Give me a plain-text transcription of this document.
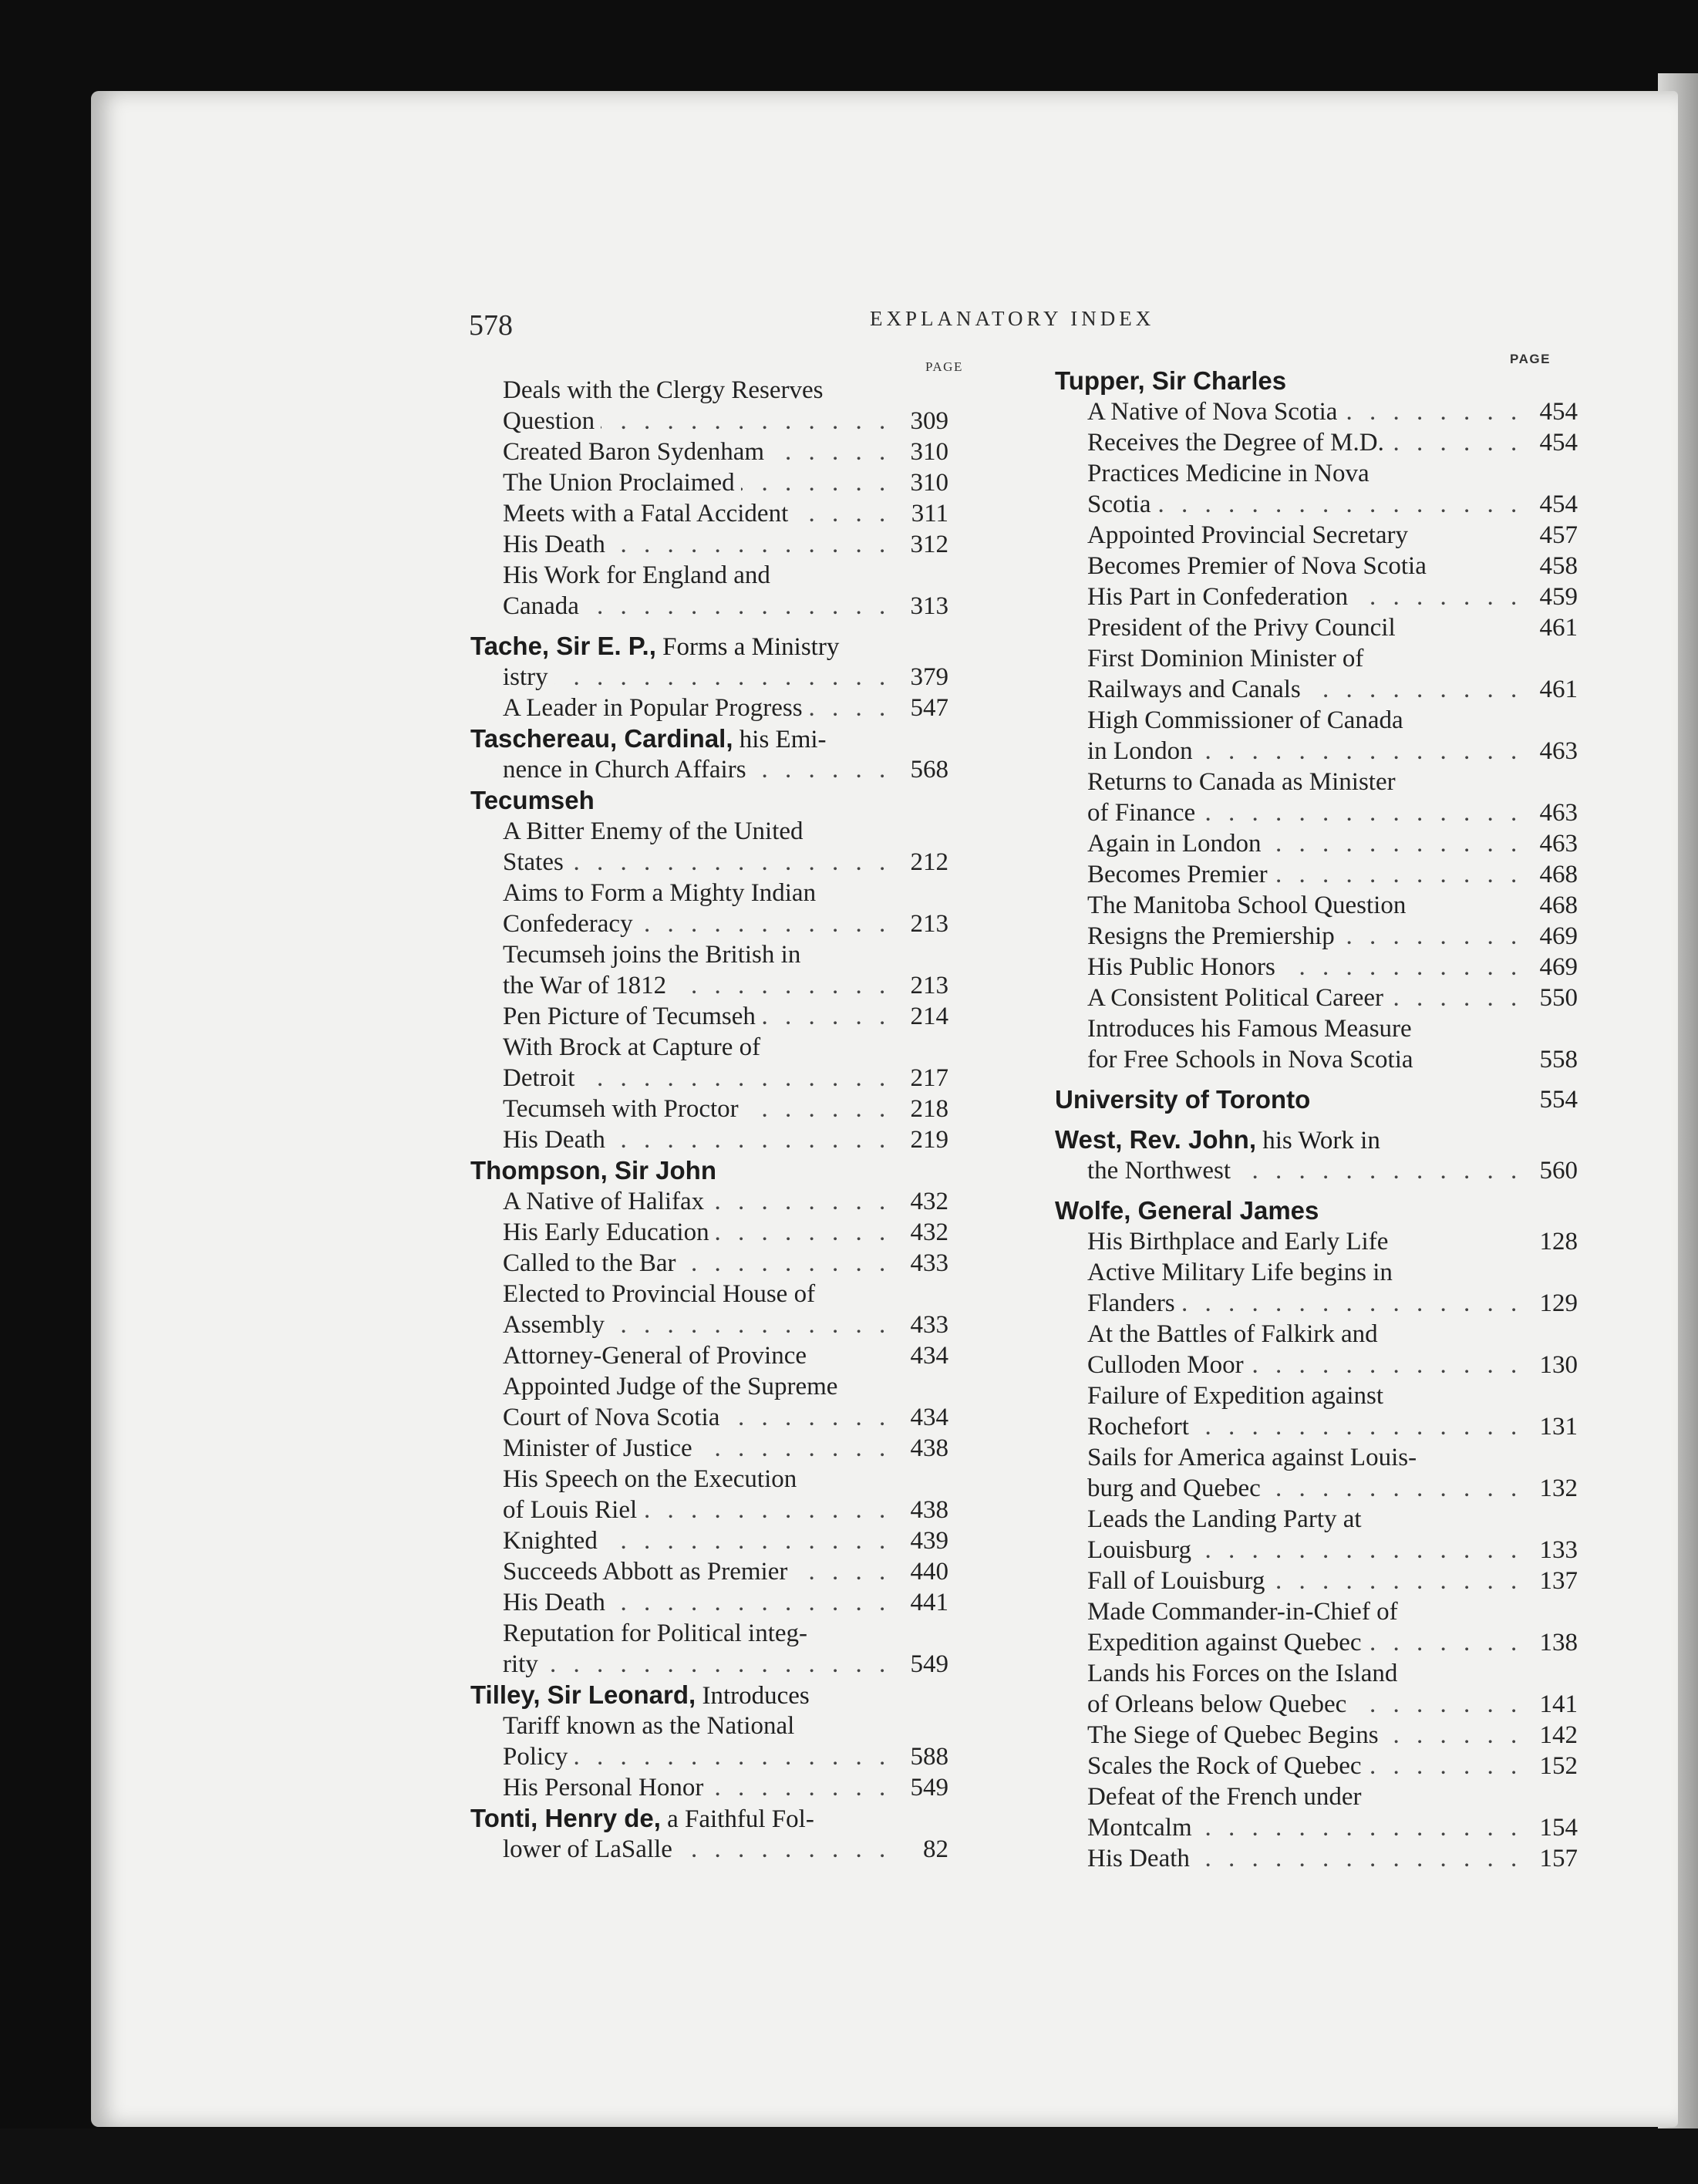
578	EXPLANATORY INDEX
PAGE
PAGE
Deals with the Clergy Reserves
. . .
Question	309
. . .
Created Baron Sydenham	310
. . .
The Union Proclaimed	310
. . .
Meets with a Fatal Accident	311
. . .
His Death	312
His Work for England and
. . .
Canada	313
Tache, Sir E. P., Forms a Ministry
. . .
istry	379
. . .
A Leader in Popular Progress	547
Taschereau, Cardinal, his Emi-
. . .
nence in Church Affairs	568
Tecumseh
A Bitter Enemy of the United
. . .
States	212
Aims to Form a Mighty Indian
. . .
Confederacy	213
Tecumseh joins the British in
. . .
the War of 1812	213
. . .
Pen Picture of Tecumseh	214
With Brock at Capture of
. . .
Detroit	217
. . .
Tecumseh with Proctor	218
. . .
His Death	219
Thompson, Sir John
. . .
A Native of Halifax	432
. . .
His Early Education	432
. . .
Called to the Bar	433
Elected to Provincial House of
. . .
Assembly	433
Attorney-General of Province	434
Appointed Judge of the Supreme
. . .
Court of Nova Scotia	434
. . .
Minister of Justice	438
His Speech on the Execution
. . .
of Louis Riel	438
. . .
Knighted	439
. . .
Succeeds Abbott as Premier	440
. . .
His Death	441
Reputation for Political integ-
. . .
rity	549
Tilley, Sir Leonard, Introduces
Tariff known as the National
. . .
Policy	588
. . .
His Personal Honor	549
Tonti, Henry de, a Faithful Fol-
. . .
lower of LaSalle	82
Tupper, Sir Charles
. . .
A Native of Nova Scotia	454
. . .
Receives the Degree of M.D.	454
Practices Medicine in Nova
. . .
Scotia	454
Appointed Provincial Secretary	457
Becomes Premier of Nova Scotia	458
. . .
His Part in Confederation	459
President of the Privy Council	461
First Dominion Minister of
. . .
Railways and Canals	461
High Commissioner of Canada
. . .
in London	463
Returns to Canada as Minister
. . .
of Finance	463
. . .
Again in London	463
. . .
Becomes Premier	468
The Manitoba School Question	468
. . .
Resigns the Premiership	469
. . .
His Public Honors	469
. . .
A Consistent Political Career	550
Introduces his Famous Measure
for Free Schools in Nova Scotia	558
University of Toronto	554
West, Rev. John, his Work in
. . .
the Northwest	560
Wolfe, General James
His Birthplace and Early Life	128
Active Military Life begins in
. . .
Flanders	129
At the Battles of Falkirk and
. . .
Culloden Moor	130
Failure of Expedition against
. . .
Rochefort	131
Sails for America against Louis-
. . .
burg and Quebec	132
Leads the Landing Party at
. . .
Louisburg	133
. . .
Fall of Louisburg	137
Made Commander-in-Chief of
. . .
Expedition against Quebec	138
Lands his Forces on the Island
. . .
of Orleans below Quebec	141
. . .
The Siege of Quebec Begins	142
. . .
Scales the Rock of Quebec	152
Defeat of the French under
. . .
Montcalm	154
. . .
His Death	157
